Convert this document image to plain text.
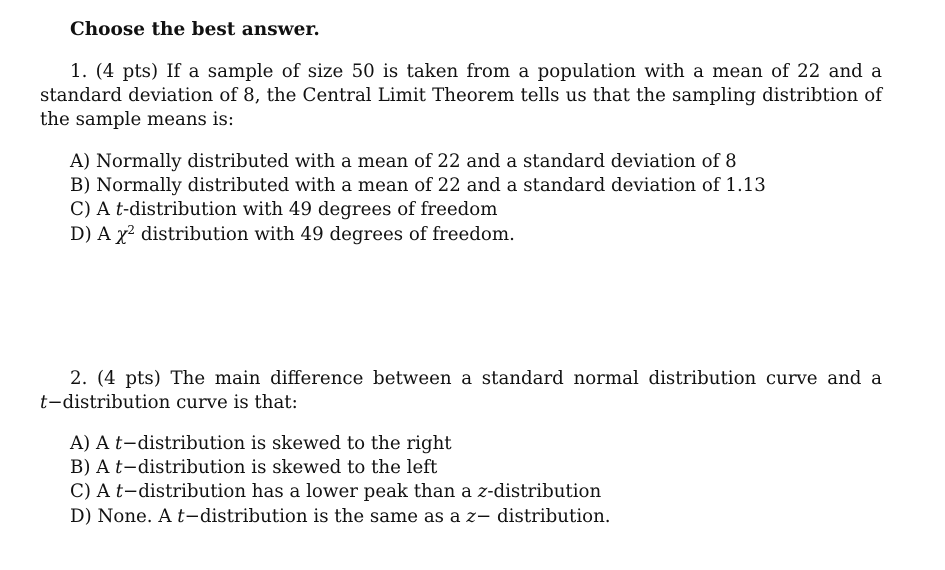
Choose the best answer.

1. (4 pts) If a sample of size 50 is taken from a population with a mean of 22 and a standard deviation of 8, the Central Limit Theorem tells us that the sampling distribtion of the sample means is:

A) Normally distributed with a mean of 22 and a standard deviation of 8
B) Normally distributed with a mean of 22 and a standard deviation of 1.13
C) A t-distribution with 49 degrees of freedom
D) A $\chi^2$ distribution with 49 degrees of freedom.

2. (4 pts) The main difference between a standard normal distribution curve and a t−distribution curve is that:

A) A t−distribution is skewed to the right
B) A t−distribution is skewed to the left
C) A t−distribution has a lower peak than a z-distribution
D) None. A t−distribution is the same as a z− distribution.
